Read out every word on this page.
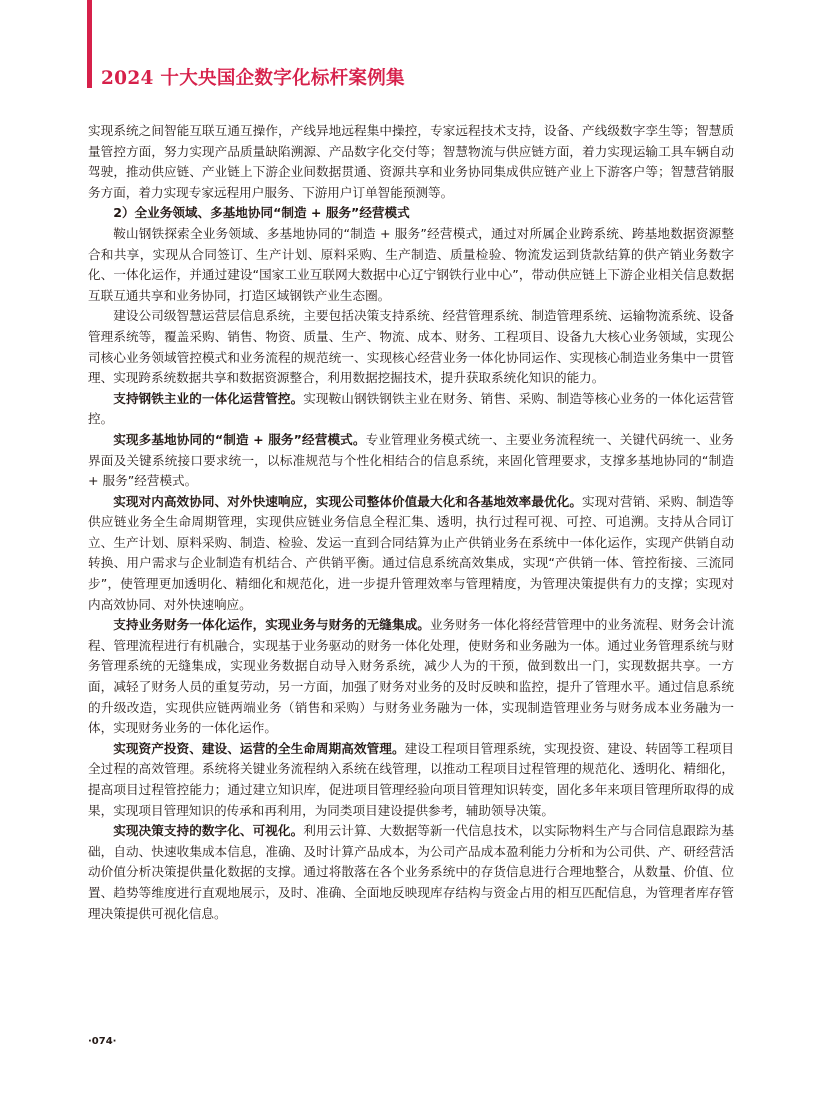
2024 十大央国企数字化标杆案例集

实现系统之间智能互联互通互操作，产线异地远程集中操控，专家远程技术支持，设备、产线级数字孪生等；智慧质量管控方面，努力实现产品质量缺陷溯源、产品数字化交付等；智慧物流与供应链方面，着力实现运输工具车辆自动驾驶，推动供应链、产业链上下游企业间数据贯通、资源共享和业务协同集成供应链产业上下游客户等；智慧营销服务方面，着力实现专家远程用户服务、下游用户订单智能预测等。

2）全业务领域、多基地协同“制造 + 服务”经营模式

鞍山钢铁探索全业务领域、多基地协同的“制造 + 服务”经营模式，通过对所属企业跨系统、跨基地数据资源整合和共享，实现从合同签订、生产计划、原料采购、生产制造、质量检验、物流发运到货款结算的供产销业务数字化、一体化运作，并通过建设“国家工业互联网大数据中心辽宁钢铁行业中心”，带动供应链上下游企业相关信息数据互联互通共享和业务协同，打造区域钢铁产业生态圈。

建设公司级智慧运营层信息系统，主要包括决策支持系统、经营管理系统、制造管理系统、运输物流系统、设备管理系统等，覆盖采购、销售、物资、质量、生产、物流、成本、财务、工程项目、设备九大核心业务领域，实现公司核心业务领域管控模式和业务流程的规范统一、实现核心经营业务一体化协同运作、实现核心制造业务集中一贯管理、实现跨系统数据共享和数据资源整合，利用数据挖掘技术，提升获取系统化知识的能力。

支持钢铁主业的一体化运营管控。实现鞍山钢铁钢铁主业在财务、销售、采购、制造等核心业务的一体化运营管控。

实现多基地协同的“制造 + 服务”经营模式。专业管理业务模式统一、主要业务流程统一、关键代码统一、业务界面及关键系统接口要求统一，以标准规范与个性化相结合的信息系统，来固化管理要求，支撑多基地协同的“制造 + 服务”经营模式。

实现对内高效协同、对外快速响应，实现公司整体价值最大化和各基地效率最优化。实现对营销、采购、制造等供应链业务全生命周期管理，实现供应链业务信息全程汇集、透明，执行过程可视、可控、可追溯。支持从合同订立、生产计划、原料采购、制造、检验、发运一直到合同结算为止产供销业务在系统中一体化运作，实现产供销自动转换、用户需求与企业制造有机结合、产供销平衡。通过信息系统高效集成，实现“产供销一体、管控衔接、三流同步”，使管理更加透明化、精细化和规范化，进一步提升管理效率与管理精度，为管理决策提供有力的支撑；实现对内高效协同、对外快速响应。

支持业务财务一体化运作，实现业务与财务的无缝集成。业务财务一体化将经营管理中的业务流程、财务会计流程、管理流程进行有机融合，实现基于业务驱动的财务一体化处理，使财务和业务融为一体。通过业务管理系统与财务管理系统的无缝集成，实现业务数据自动导入财务系统，减少人为的干预，做到数出一门，实现数据共享。一方面，减轻了财务人员的重复劳动，另一方面，加强了财务对业务的及时反映和监控，提升了管理水平。通过信息系统的升级改造，实现供应链两端业务（销售和采购）与财务业务融为一体，实现制造管理业务与财务成本业务融为一体，实现财务业务的一体化运作。

实现资产投资、建设、运营的全生命周期高效管理。建设工程项目管理系统，实现投资、建设、转固等工程项目全过程的高效管理。系统将关键业务流程纳入系统在线管理，以推动工程项目过程管理的规范化、透明化、精细化，提高项目过程管控能力；通过建立知识库，促进项目管理经验向项目管理知识转变，固化多年来项目管理所取得的成果，实现项目管理知识的传承和再利用，为同类项目建设提供参考，辅助领导决策。

实现决策支持的数字化、可视化。利用云计算、大数据等新一代信息技术，以实际物料生产与合同信息跟踪为基础，自动、快速收集成本信息，准确、及时计算产品成本，为公司产品成本盈利能力分析和为公司供、产、研经营活动价值分析决策提供量化数据的支撑。通过将散落在各个业务系统中的存货信息进行合理地整合，从数量、价值、位置、趋势等维度进行直观地展示，及时、准确、全面地反映现库存结构与资金占用的相互匹配信息，为管理者库存管理决策提供可视化信息。

·074·
